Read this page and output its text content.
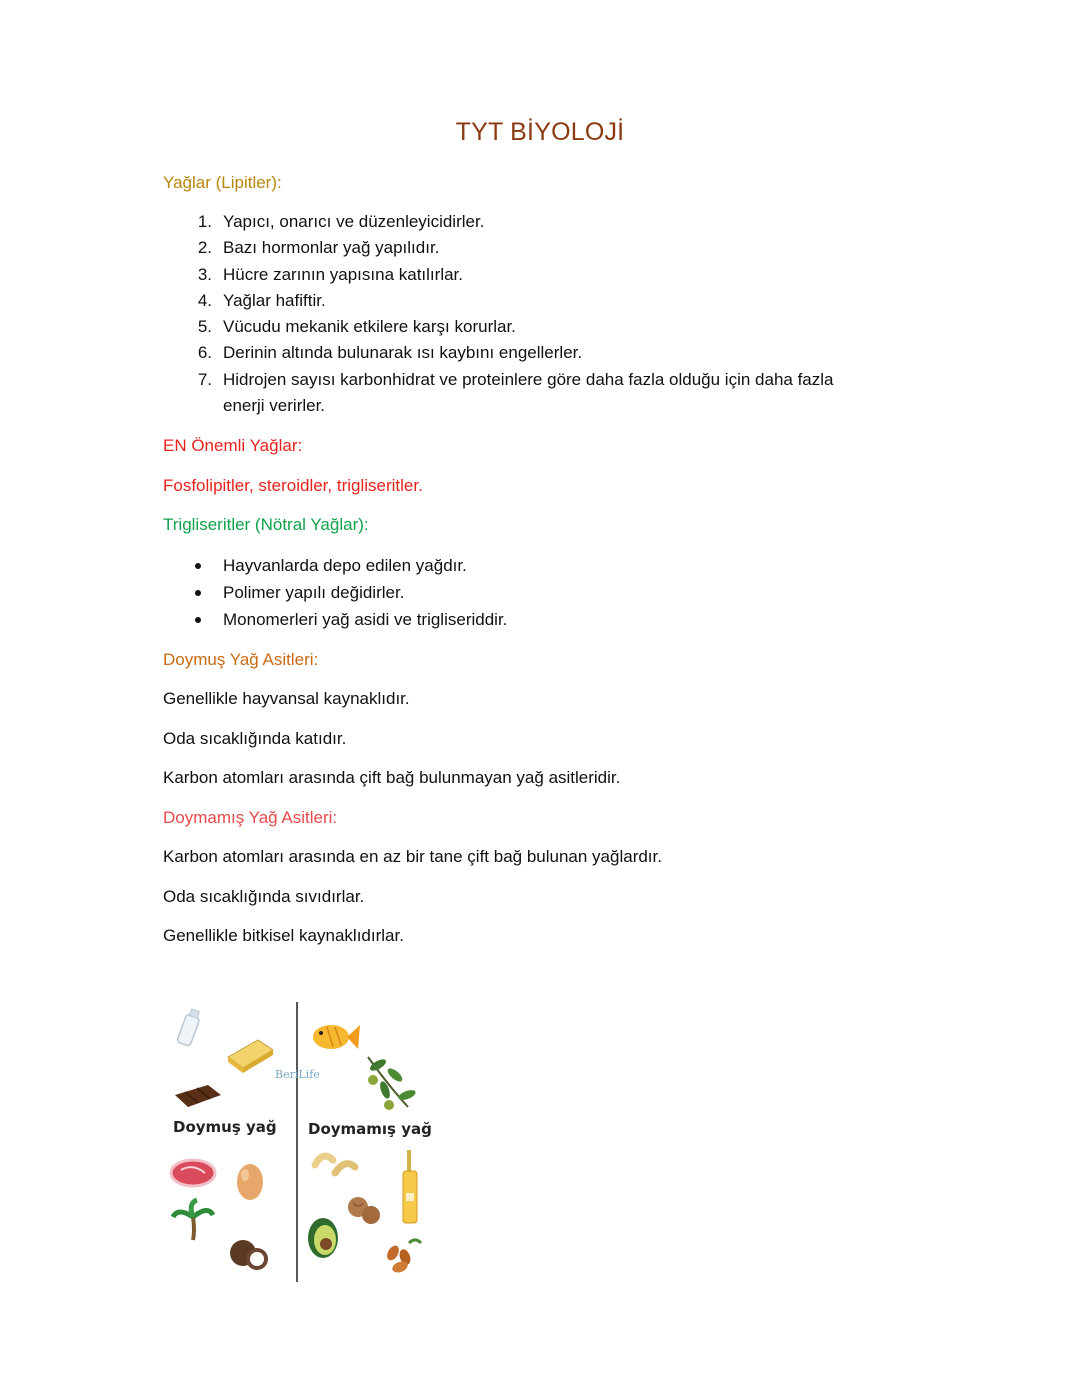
TYT BİYOLOJİ
Yağlar (Lipitler):
1. Yapıcı, onarıcı ve düzenleyicidirler.
2. Bazı hormonlar yağ yapılıdır.
3. Hücre zarının yapısına katılırlar.
4. Yağlar hafiftir.
5. Vücudu mekanik etkilere karşı korurlar.
6. Derinin altında bulunarak ısı kaybını engellerler.
7. Hidrojen sayısı karbonhidrat ve proteinlere göre daha fazla olduğu için daha fazla
enerji verirler.
EN Önemli Yağlar:
Fosfolipitler, steroidler, trigliseritler.
Trigliseritler (Nötral Yağlar):
Hayvanlarda depo edilen yağdır.
Polimer yapılı değidirler.
Monomerleri yağ asidi ve trigliseriddir.
Doymuş Yağ Asitleri:
Genellikle hayvansal kaynaklıdır.
Oda sıcaklığında katıdır.
Karbon atomları arasında çift bağ bulunmayan yağ asitleridir.
Doymamış Yağ Asitleri:
Karbon atomları arasında en az bir tane çift bağ bulunan yağlardır.
Oda sıcaklığında sıvıdırlar.
Genellikle bitkisel kaynaklıdırlar.
BeriLife
Doymuş yağ Doymamış yağ
